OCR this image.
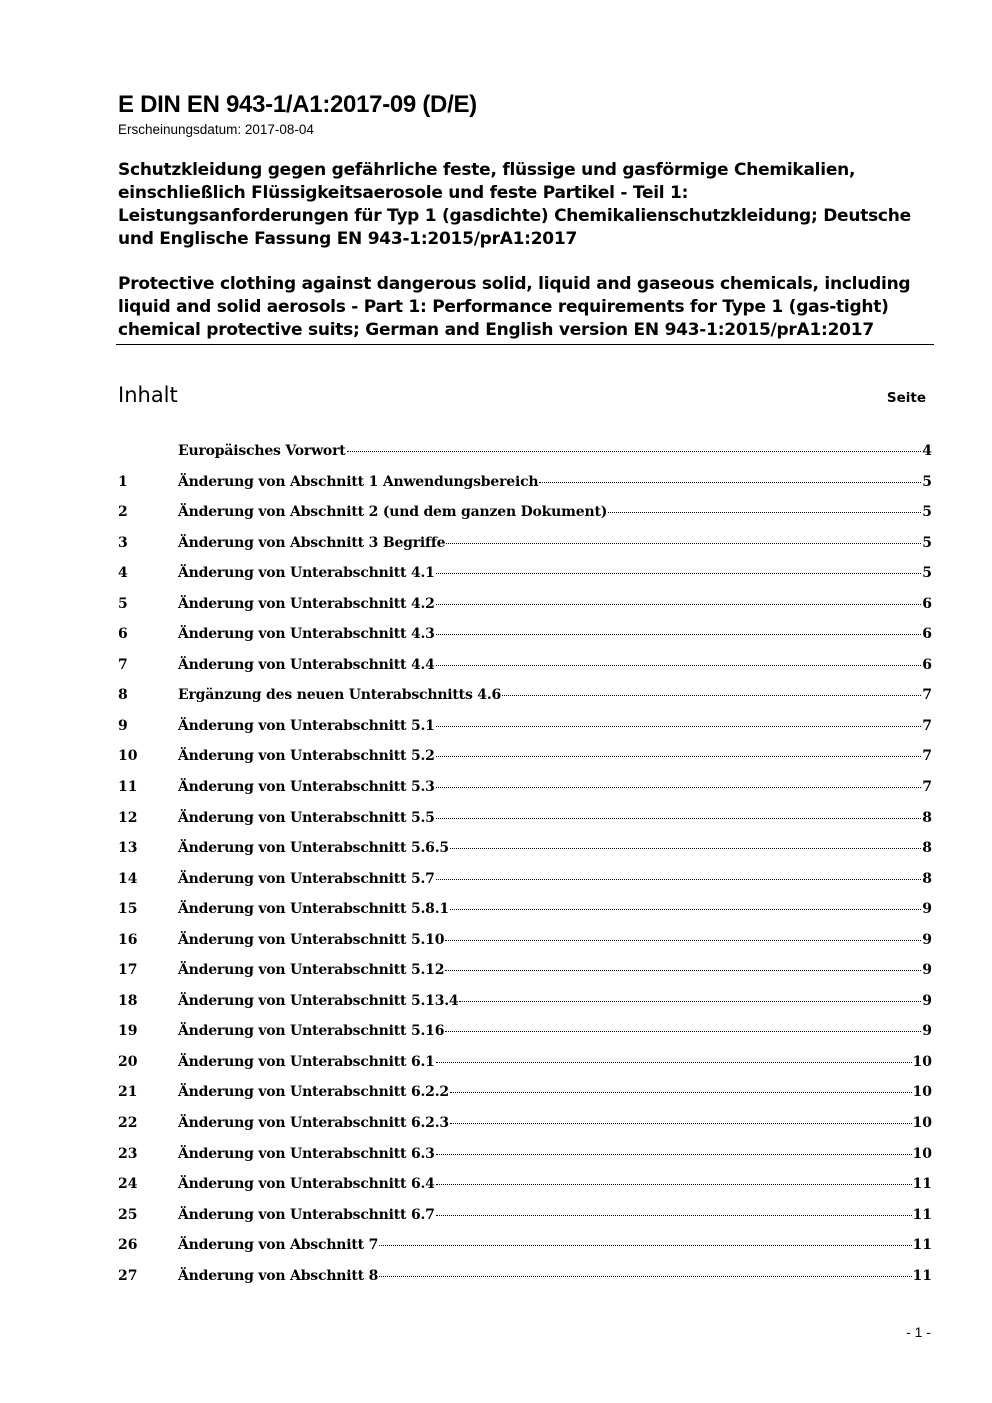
E DIN EN 943-1/A1:2017-09 (D/E)
Erscheinungsdatum: 2017-08-04
Schutzkleidung gegen gefährliche feste, flüssige und gasförmige Chemikalien,
einschließlich Flüssigkeitsaerosole und feste Partikel - Teil 1:
Leistungsanforderungen für Typ 1 (gasdichte) Chemikalienschutzkleidung; Deutsche
und Englische Fassung EN 943-1:2015/prA1:2017
Protective clothing against dangerous solid, liquid and gaseous chemicals, including
liquid and solid aerosols - Part 1: Performance requirements for Type 1 (gas-tight)
chemical protective suits; German and English version EN 943-1:2015/prA1:2017
Inhalt	Seite
Europäisches Vorwort	4
1	Änderung von Abschnitt 1 Anwendungsbereich	5
2	Änderung von Abschnitt 2 (und dem ganzen Dokument)	5
3	Änderung von Abschnitt 3 Begriffe	5
4	Änderung von Unterabschnitt 4.1	5
5	Änderung von Unterabschnitt 4.2	6
6	Änderung von Unterabschnitt 4.3	6
7	Änderung von Unterabschnitt 4.4	6
8	Ergänzung des neuen Unterabschnitts 4.6	7
9	Änderung von Unterabschnitt 5.1	7
10	Änderung von Unterabschnitt 5.2	7
11	Änderung von Unterabschnitt 5.3	7
12	Änderung von Unterabschnitt 5.5	8
13	Änderung von Unterabschnitt 5.6.5	8
14	Änderung von Unterabschnitt 5.7	8
15	Änderung von Unterabschnitt 5.8.1	9
16	Änderung von Unterabschnitt 5.10	9
17	Änderung von Unterabschnitt 5.12	9
18	Änderung von Unterabschnitt 5.13.4	9
19	Änderung von Unterabschnitt 5.16	9
20	Änderung von Unterabschnitt 6.1	10
21	Änderung von Unterabschnitt 6.2.2	10
22	Änderung von Unterabschnitt 6.2.3	10
23	Änderung von Unterabschnitt 6.3	10
24	Änderung von Unterabschnitt 6.4	11
25	Änderung von Unterabschnitt 6.7	11
26	Änderung von Abschnitt 7	11
27	Änderung von Abschnitt 8	11
- 1 -
